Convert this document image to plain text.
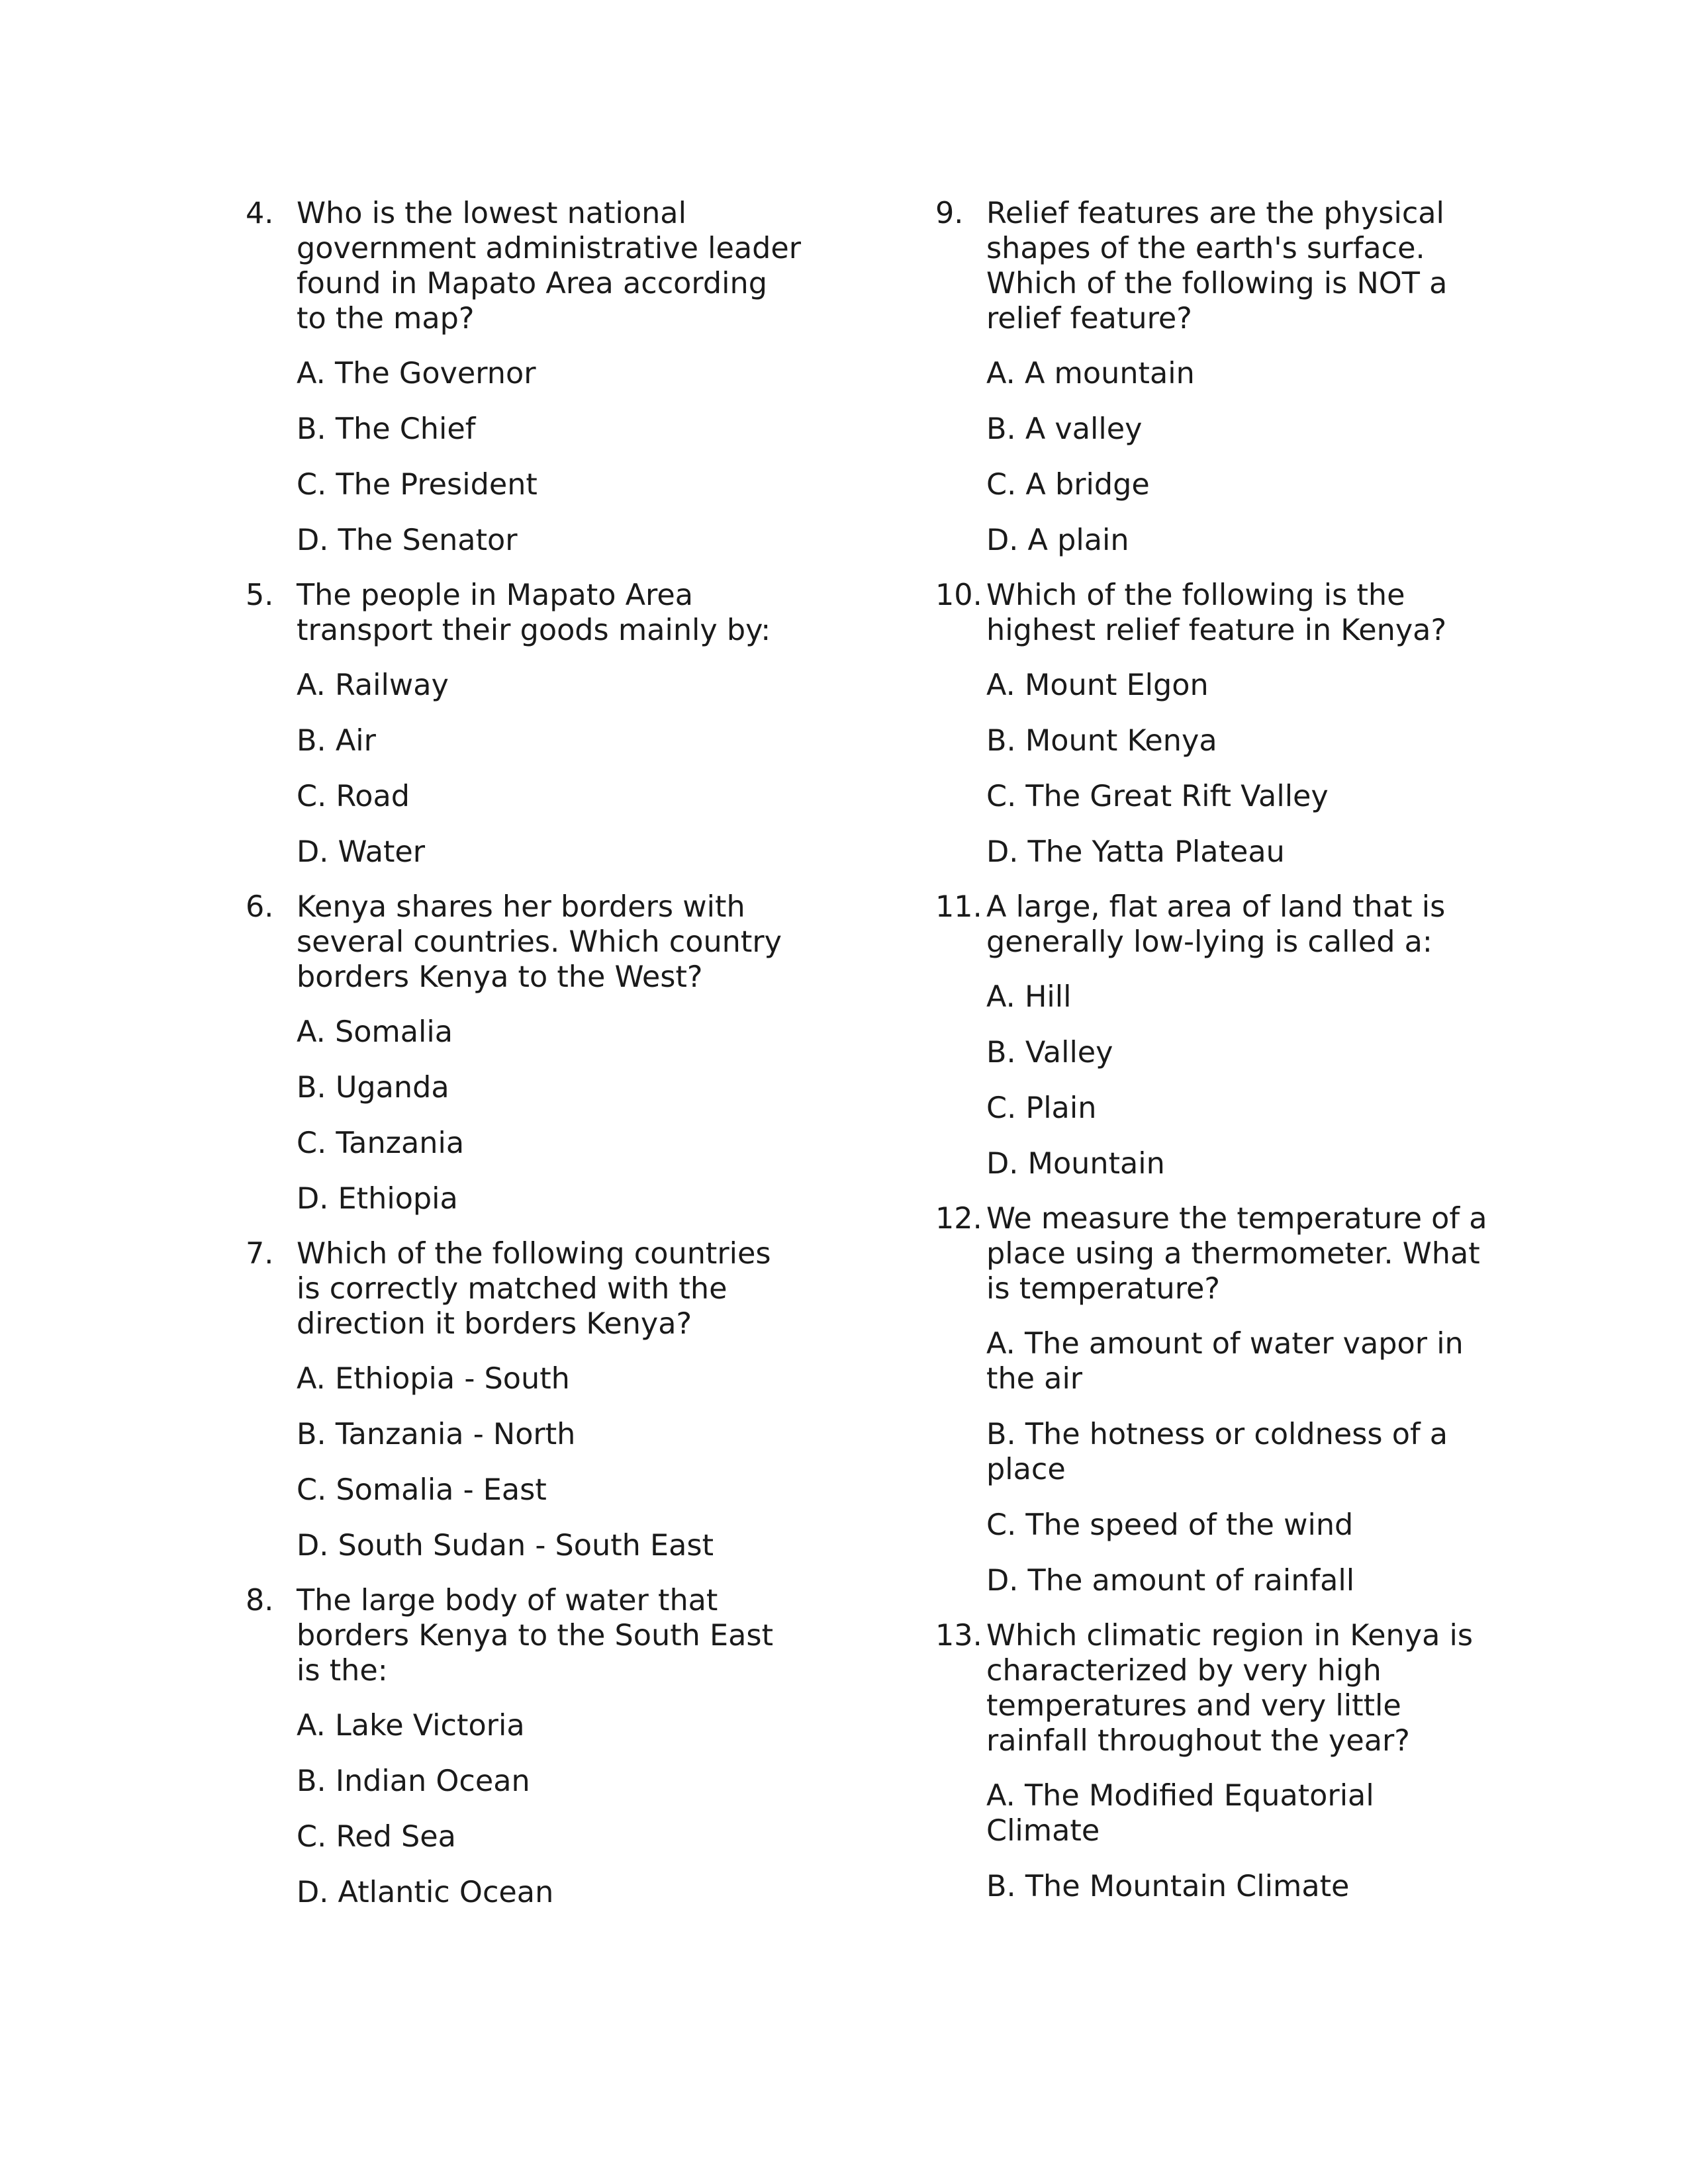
4. Who is the lowest national government administrative leader found in Mapato Area according to the map?
A. The Governor
B. The Chief
C. The President
D. The Senator
5. The people in Mapato Area transport their goods mainly by:
A. Railway
B. Air
C. Road
D. Water
6. Kenya shares her borders with several countries. Which country borders Kenya to the West?
A. Somalia
B. Uganda
C. Tanzania
D. Ethiopia
7. Which of the following countries is correctly matched with the direction it borders Kenya?
A. Ethiopia - South
B. Tanzania - North
C. Somalia - East
D. South Sudan - South East
8. The large body of water that borders Kenya to the South East is the:
A. Lake Victoria
B. Indian Ocean
C. Red Sea
D. Atlantic Ocean
9. Relief features are the physical shapes of the earth's surface. Which of the following is NOT a relief feature?
A. A mountain
B. A valley
C. A bridge
D. A plain
10. Which of the following is the highest relief feature in Kenya?
A. Mount Elgon
B. Mount Kenya
C. The Great Rift Valley
D. The Yatta Plateau
11. A large, flat area of land that is generally low-lying is called a:
A. Hill
B. Valley
C. Plain
D. Mountain
12. We measure the temperature of a place using a thermometer. What is temperature?
A. The amount of water vapor in the air
B. The hotness or coldness of a place
C. The speed of the wind
D. The amount of rainfall
13. Which climatic region in Kenya is characterized by very high temperatures and very little rainfall throughout the year?
A. The Modified Equatorial Climate
B. The Mountain Climate
